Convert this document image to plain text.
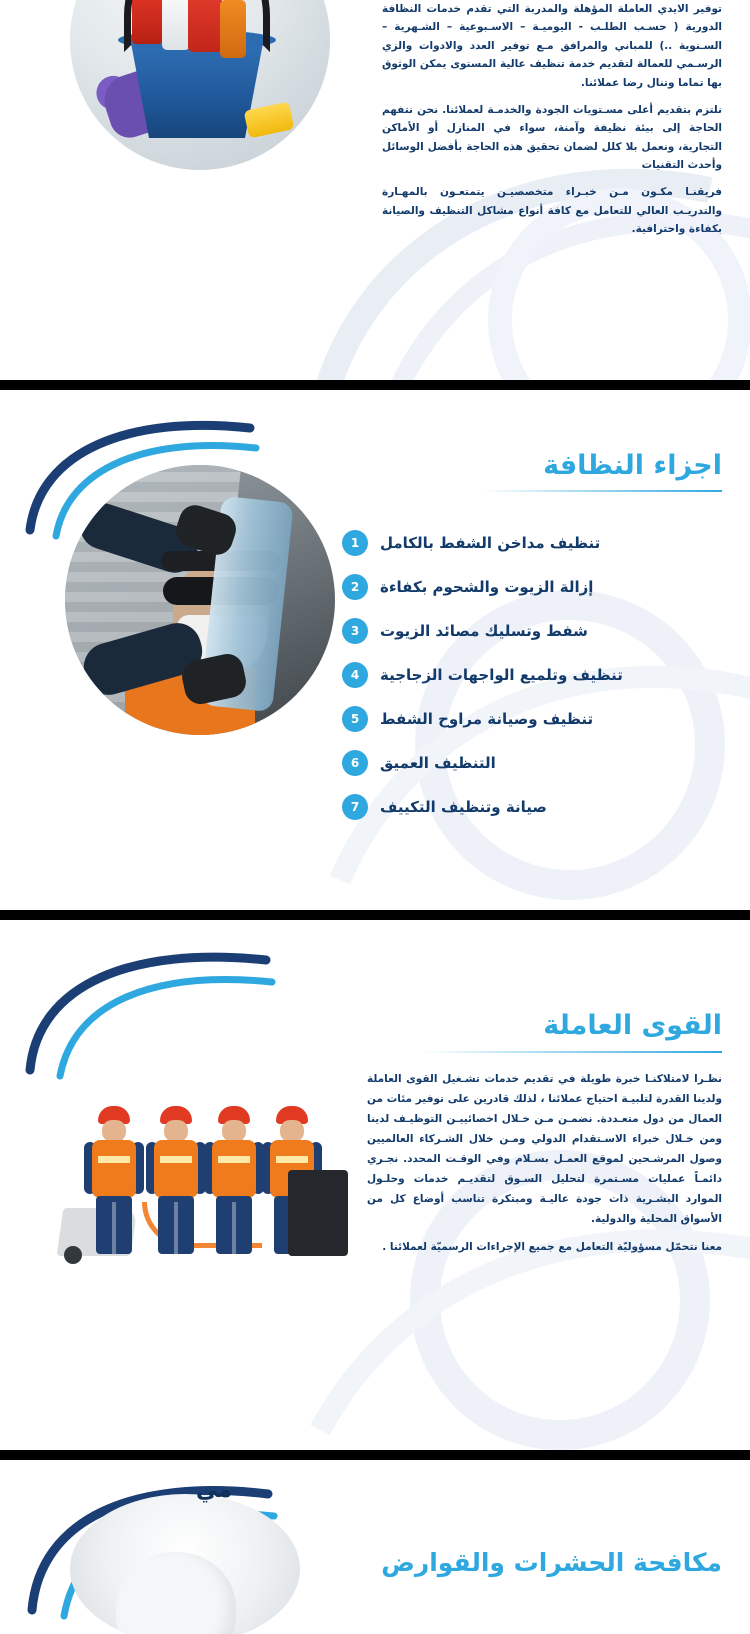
توفير الايدي العاملة المؤهلة والمدربة التي تقدم خدمات النظافة الدورية ( حسـب الطلـب - اليوميـة – الاسـبوعية – الشـهرية – السـنوية ..) للمباني والمرافق مـع توفير العدد والادوات والزي الرسـمي للعمالة لتقديم خدمة تنظيف عالية المستوى يمكن الوثوق بها تماما وتنال رضا عملائنا.

نلتزم بتقديم أعلى مسـتويات الجودة والخدمـة لعملائنا. نحن نتفهم الحاجة إلى بيئة نظيفة وآمنة، سواء في المنازل أو الأماكن التجارية، ونعمل بلا كلل لضمان تحقيق هذه الحاجة بأفضل الوسائل وأحدث التقنيات

فريقنـا مكـون مـن خبـراء متخصصيـن يتمتعـون بالمهـارة والتدريـب العالي للتعامل مع كافة أنواع مشاكل التنظيف والصيانة بكفاءة واحترافية.

اجزاء النظافة
1	تنظيف مداخن الشفط بالكامل
2	إزالة الزيوت والشحوم بكفاءة
3	شفط وتسليك مصائد الزيوت
4	تنظيف وتلميع الواجهات الزجاجية
5	تنظيف وصيانة مراوح الشفط
6	التنظيف العميق
7	صيانة وتنظيف التكييف
القوى العاملة

نظـرا لامتلاكنـا خبرة طويلة في تقديم خدمات تشـغيل القوى العاملة ولدينا القدرة لتلبيـة احتياج عملائنا ، لذلك قادرين على توفير مئات من العمال من دول متعـددة. نضمـن مـن خـلال اخصائييـن التوظيـف لدينا ومن خـلال خبراء الاسـتقدام الدولي ومـن خلال الشـركاء العالميين وصول المرشـحين لموقع العمـل بسـلام وفي الوقـت المحدد. نجـري دائمـاً عمليات مسـتمرة لتحليل السـوق لتقديـم خدمات وحلـول الموارد البشـرية ذات جودة عاليـة ومبتكرة تناسب أوضاع كل من الأسواق المحلية والدولية.

معنا نتحمّل مسؤوليّة التعامل مع جميع الإجراءات الرسميّة لعملائنا .

مي
مكافحة الحشرات والقوارض
